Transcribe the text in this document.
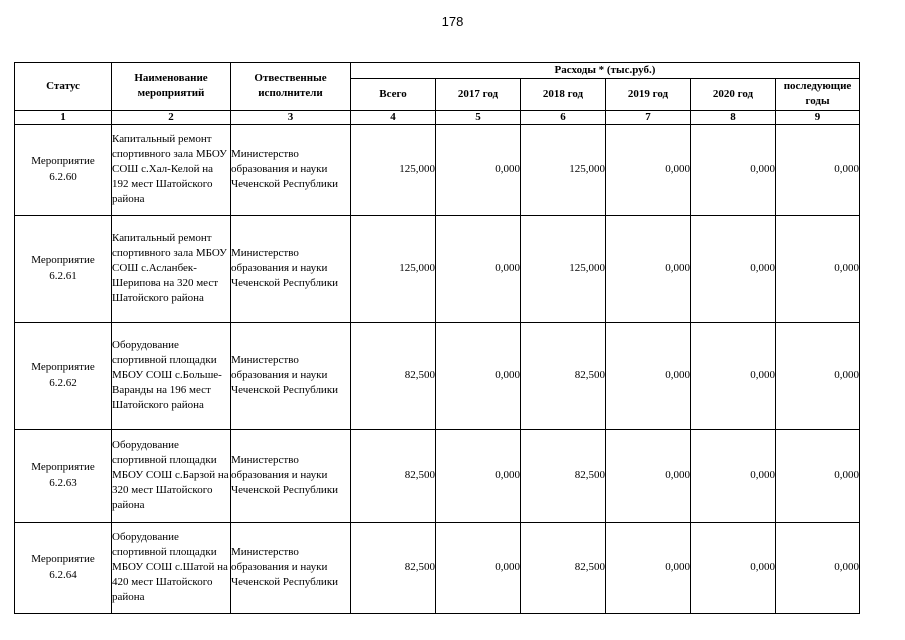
178
Статус	Наименование мероприятий	Отвественные исполнители	Расходы * (тыс.руб.)					
			Всего	2017 год	2018 год	2019 год	2020 год	последующие годы
1	2	3	4	5	6	7	8	9

Мероприятие
6.2.60	Капитальный ремонт спортивного зала МБОУ СОШ с.Хал-Келой на 192 мест Шатойского района	Министерство образования и науки Чеченской Республики	125,000	0,000	125,000	0,000	0,000	0,000

Мероприятие
6.2.61	Капитальный ремонт спортивного зала МБОУ СОШ с.Асланбек-Шерипова на 320 мест Шатойского района	Министерство образования и науки Чеченской Республики	125,000	0,000	125,000	0,000	0,000	0,000

Мероприятие
6.2.62	Оборудование спортивной площадки МБОУ СОШ с.Больше-Варанды на 196 мест Шатойского района	Министерство образования и науки Чеченской Республики	82,500	0,000	82,500	0,000	0,000	0,000

Мероприятие
6.2.63	Оборудование спортивной площадки МБОУ СОШ с.Барзой на 320 мест Шатойского района	Министерство образования и науки Чеченской Республики	82,500	0,000	82,500	0,000	0,000	0,000

Мероприятие
6.2.64	Оборудование спортивной площадки МБОУ СОШ с.Шатой на 420 мест Шатойского района	Министерство образования и науки Чеченской Республики	82,500	0,000	82,500	0,000	0,000	0,000
